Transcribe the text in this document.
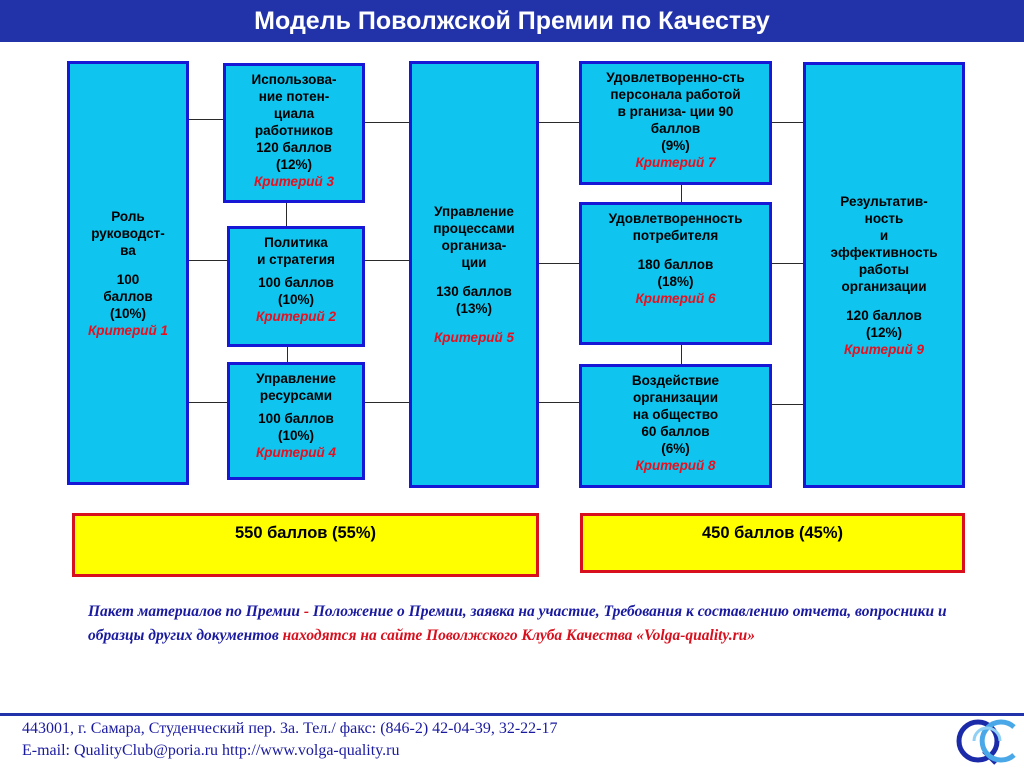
Модель Поволжской Премии по Качеству
Роль
руководст-
ва
100
баллов
(10%)
Критерий 1
Использова-
ние потен-
циала
работников
120 баллов
(12%)
Критерий 3
Политика
и стратегия
100 баллов
(10%)
Критерий 2
Управление
ресурсами
100 баллов
(10%)
Критерий 4
Управление
процессами
организа-
ции
130 баллов
(13%)
Критерий 5
Удовлетворенно-сть
персонала работой
в рганиза- ции 90
баллов
(9%)
Критерий 7
Удовлетворенность
потребителя
180 баллов
(18%)
Критерий 6
Воздействие
организации
на общество
60 баллов
(6%)
Критерий 8
Результатив-
ность
и
эффективность
работы
организации
120 баллов
(12%)
Критерий 9
550 баллов (55%)	450 баллов (45%)
Пакет материалов по Премии - Положение о Премии, заявка на участие, Требования к составлению отчета, вопросники и образцы других документов находятся на сайте Поволжского Клуба Качества «Volga-quality.ru»
443001, г. Самара, Студенческий пер. 3а. Тел./ факс: (846-2) 42-04-39, 32-22-17
E-mail: QualityClub@poria.ru http://www.volga-quality.ru
